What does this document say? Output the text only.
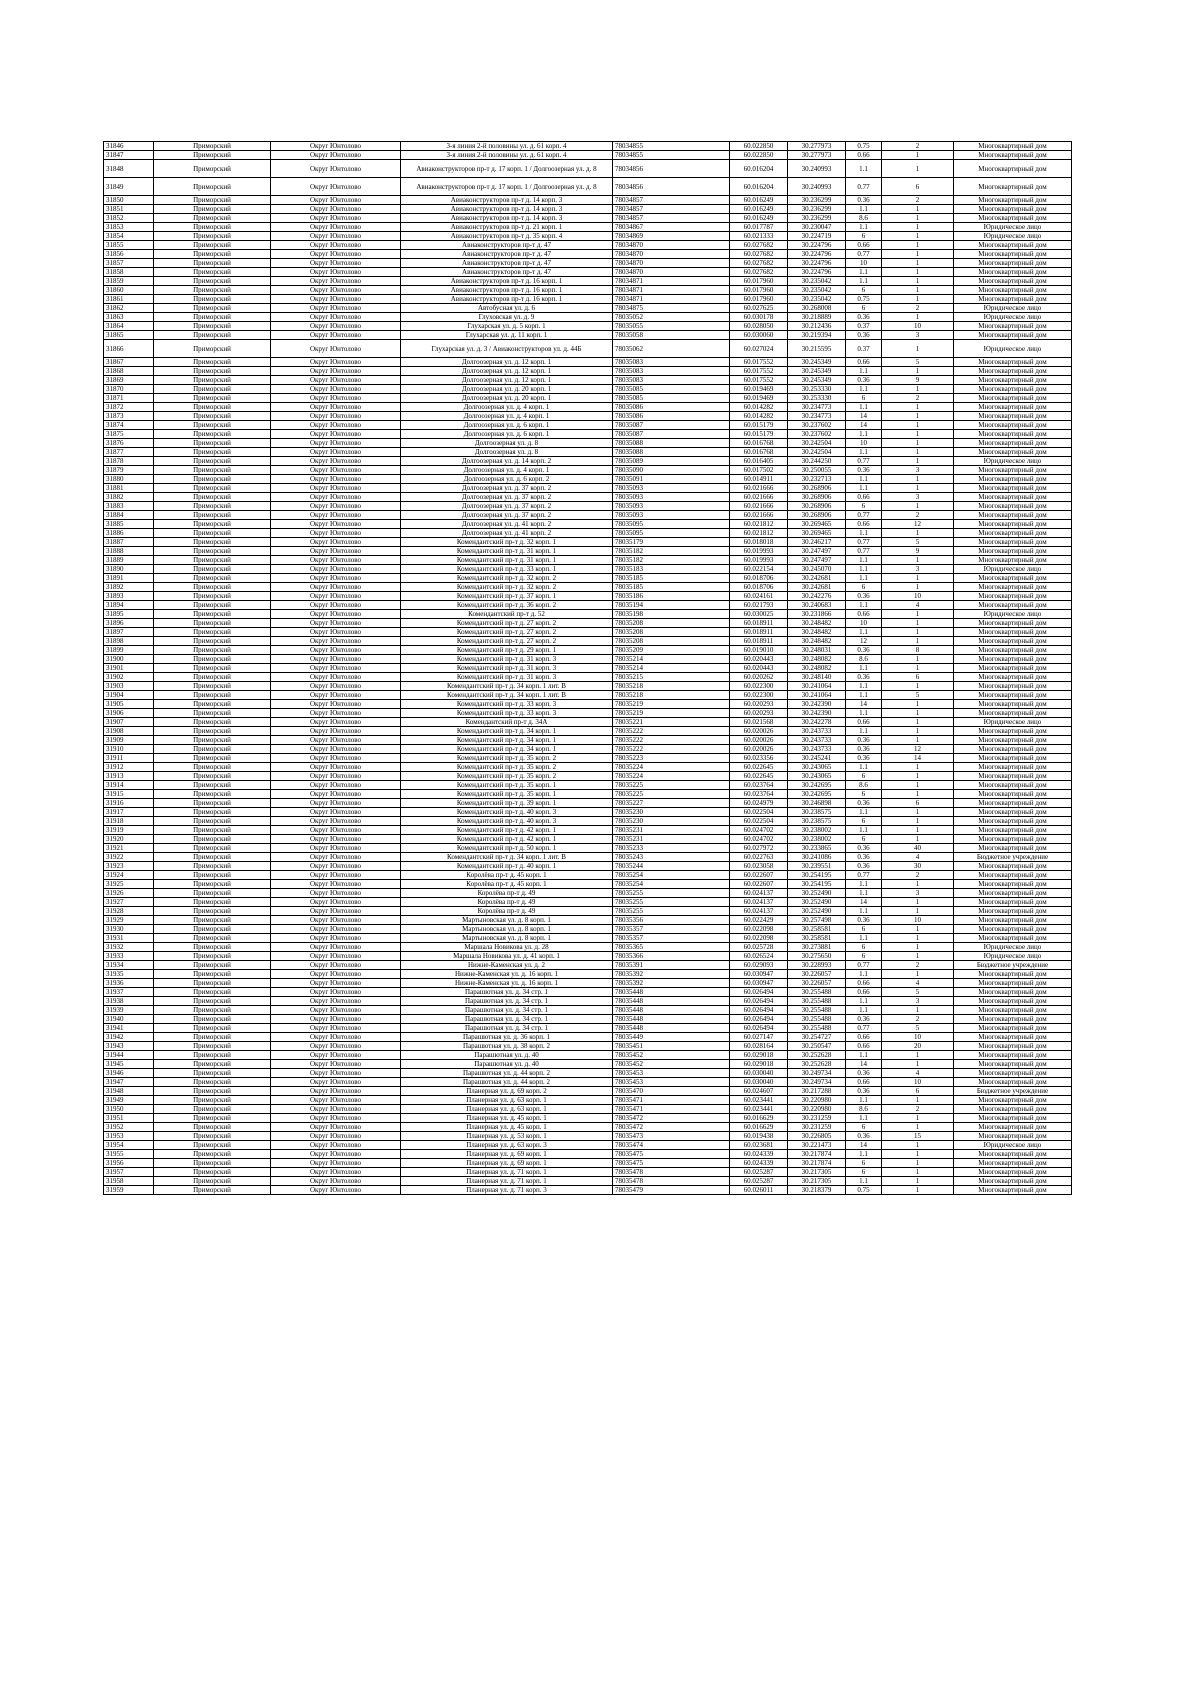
31846	Приморский	Округ Юнтолово	3-я линия 2-й половины ул. д. 61 корп. 4	78034855	60.022850	30.277973	0.75	2	Многоквартирный дом
31847	Приморский	Округ Юнтолово	3-я линия 2-й половины ул. д. 61 корп. 4	78034855	60.022850	30.277973	0.66	1	Многоквартирный дом
31848	Приморский	Округ Юнтолово	Авиаконструкторов пр-т д. 17 корп. 1 / Долгоозерная ул. д. 8	78034856	60.016204	30.240993	1.1	1	Многоквартирный дом
31849	Приморский	Округ Юнтолово	Авиаконструкторов пр-т д. 17 корп. 1 / Долгоозерная ул. д. 8	78034856	60.016204	30.240993	0.77	6	Многоквартирный дом
31850	Приморский	Округ Юнтолово	Авиаконструкторов пр-т д. 14 корп. 3	78034857	60.016249	30.236299	0.36	2	Многоквартирный дом
31851	Приморский	Округ Юнтолово	Авиаконструкторов пр-т д. 14 корп. 3	78034857	60.016249	30.236299	1.1	1	Многоквартирный дом
31852	Приморский	Округ Юнтолово	Авиаконструкторов пр-т д. 14 корп. 3	78034857	60.016249	30.236299	8.6	1	Многоквартирный дом
31853	Приморский	Округ Юнтолово	Авиаконструкторов пр-т д. 21 корп. 1	78034867	60.017787	30.230047	1.1	1	Юридическое лицо
31854	Приморский	Округ Юнтолово	Авиаконструкторов пр-т д. 35 корп. 4	78034869	60.021333	30.224719	6	1	Юридическое лицо
31855	Приморский	Округ Юнтолово	Авиаконструкторов пр-т д. 47	78034870	60.027682	30.224796	0.66	1	Многоквартирный дом
31856	Приморский	Округ Юнтолово	Авиаконструкторов пр-т д. 47	78034870	60.027682	30.224796	0.77	1	Многоквартирный дом
31857	Приморский	Округ Юнтолово	Авиаконструкторов пр-т д. 47	78034870	60.027682	30.224796	10	1	Многоквартирный дом
31858	Приморский	Округ Юнтолово	Авиаконструкторов пр-т д. 47	78034870	60.027682	30.224796	1.1	1	Многоквартирный дом
31859	Приморский	Округ Юнтолово	Авиаконструкторов пр-т д. 16 корп. 1	78034871	60.017960	30.235042	1.1	1	Многоквартирный дом
31860	Приморский	Округ Юнтолово	Авиаконструкторов пр-т д. 16 корп. 1	78034871	60.017960	30.235042	6	1	Многоквартирный дом
31861	Приморский	Округ Юнтолово	Авиаконструкторов пр-т д. 16 корп. 1	78034871	60.017960	30.235042	0.75	1	Многоквартирный дом
31862	Приморский	Округ Юнтолово	Автобусная ул. д. 6	78034875	60.027625	30.268008	6	2	Юридическое лицо
31863	Приморский	Округ Юнтолово	Глуховская ул. д. 9	78035052	60.030178	30.218889	0.36	1	Юридическое лицо
31864	Приморский	Округ Юнтолово	Глухарская ул. д. 5 корп. 1	78035055	60.028050	30.212436	0.37	10	Многоквартирный дом
31865	Приморский	Округ Юнтолово	Глухарская ул. д. 11 корп. 1	78035058	60.030060	30.219394	0.36	3	Многоквартирный дом
31866	Приморский	Округ Юнтолово	Глухарская ул. д. 3 / Авиаконструкторов ул. д. 44Б	78035062	60.027024	30.215595	0.37	1	Юридическое лицо
31867	Приморский	Округ Юнтолово	Долгоозерная ул. д. 12 корп. 1	78035083	60.017552	30.245349	0.66	5	Многоквартирный дом
31868	Приморский	Округ Юнтолово	Долгоозерная ул. д. 12 корп. 1	78035083	60.017552	30.245349	1.1	1	Многоквартирный дом
31869	Приморский	Округ Юнтолово	Долгоозерная ул. д. 12 корп. 1	78035083	60.017552	30.245349	0.36	9	Многоквартирный дом
31870	Приморский	Округ Юнтолово	Долгоозерная ул. д. 20 корп. 1	78035085	60.019469	30.253330	1.1	1	Многоквартирный дом
31871	Приморский	Округ Юнтолово	Долгоозерная ул. д. 20 корп. 1	78035085	60.019469	30.253330	6	2	Многоквартирный дом
31872	Приморский	Округ Юнтолово	Долгоозерная ул. д. 4 корп. 1	78035086	60.014282	30.234773	1.1	1	Многоквартирный дом
31873	Приморский	Округ Юнтолово	Долгоозерная ул. д. 4 корп. 1	78035086	60.014282	30.234773	14	1	Многоквартирный дом
31874	Приморский	Округ Юнтолово	Долгоозерная ул. д. 6 корп. 1	78035087	60.015179	30.237602	14	1	Многоквартирный дом
31875	Приморский	Округ Юнтолово	Долгоозерная ул. д. 6 корп. 1	78035087	60.015179	30.237602	1.1	1	Многоквартирный дом
31876	Приморский	Округ Юнтолово	Долгоозерная ул. д. 8	78035088	60.016768	30.242504	10	1	Многоквартирный дом
31877	Приморский	Округ Юнтолово	Долгоозерная ул. д. 8	78035088	60.016768	30.242504	1.1	1	Многоквартирный дом
31878	Приморский	Округ Юнтолово	Долгоозерная ул. д. 14 корп. 2	78035089	60.016405	30.244250	0.77	1	Юридическое лицо
31879	Приморский	Округ Юнтолово	Долгоозерная ул. д. 4 корп. 1	78035090	60.017502	30.250055	0.36	3	Многоквартирный дом
31880	Приморский	Округ Юнтолово	Долгоозерная ул. д. 6 корп. 2	78035091	60.014911	30.232713	1.1	1	Многоквартирный дом
31881	Приморский	Округ Юнтолово	Долгоозерная ул. д. 37 корп. 2	78035093	60.021666	30.268906	1.1	1	Многоквартирный дом
31882	Приморский	Округ Юнтолово	Долгоозерная ул. д. 37 корп. 2	78035093	60.021666	30.268906	0.66	3	Многоквартирный дом
31883	Приморский	Округ Юнтолово	Долгоозерная ул. д. 37 корп. 2	78035093	60.021666	30.268906	6	1	Многоквартирный дом
31884	Приморский	Округ Юнтолово	Долгоозерная ул. д. 37 корп. 2	78035093	60.021666	30.268906	0.77	2	Многоквартирный дом
31885	Приморский	Округ Юнтолово	Долгоозерная ул. д. 41 корп. 2	78035095	60.021812	30.269465	0.66	12	Многоквартирный дом
31886	Приморский	Округ Юнтолово	Долгоозерная ул. д. 41 корп. 2	78035095	60.021812	30.269465	1.1	1	Многоквартирный дом
31887	Приморский	Округ Юнтолово	Комендантский пр-т д. 32 корп. 1	78035179	60.018018	30.246217	0.77	5	Многоквартирный дом
31888	Приморский	Округ Юнтолово	Комендантский пр-т д. 31 корп. 1	78035182	60.019993	30.247497	0.77	9	Многоквартирный дом
31889	Приморский	Округ Юнтолово	Комендантский пр-т д. 31 корп. 1	78035182	60.019993	30.247497	1.1	1	Многоквартирный дом
31890	Приморский	Округ Юнтолово	Комендантский пр-т д. 33 корп. 1	78035183	60.022154	30.245070	1.1	3	Юридическое лицо
31891	Приморский	Округ Юнтолово	Комендантский пр-т д. 32 корп. 2	78035185	60.018706	30.242681	1.1	1	Многоквартирный дом
31892	Приморский	Округ Юнтолово	Комендантский пр-т д. 32 корп. 2	78035185	60.018706	30.242681	6	1	Многоквартирный дом
31893	Приморский	Округ Юнтолово	Комендантский пр-т д. 37 корп. 1	78035186	60.024161	30.242276	0.36	10	Многоквартирный дом
31894	Приморский	Округ Юнтолово	Комендантский пр-т д. 36 корп. 2	78035194	60.021793	30.240683	1.1	4	Многоквартирный дом
31895	Приморский	Округ Юнтолово	Комендантский пр-т д. 52	78035198	60.030025	30.231866	0.66	1	Юридическое лицо
31896	Приморский	Округ Юнтолово	Комендантский пр-т д. 27 корп. 2	78035208	60.018911	30.248482	10	1	Многоквартирный дом
31897	Приморский	Округ Юнтолово	Комендантский пр-т д. 27 корп. 2	78035208	60.018911	30.248482	1.1	1	Многоквартирный дом
31898	Приморский	Округ Юнтолово	Комендантский пр-т д. 27 корп. 2	78035208	60.018911	30.248482	12	1	Многоквартирный дом
31899	Приморский	Округ Юнтолово	Комендантский пр-т д. 29 корп. 1	78035209	60.019010	30.248031	0.36	8	Многоквартирный дом
31900	Приморский	Округ Юнтолово	Комендантский пр-т д. 31 корп. 3	78035214	60.020443	30.248082	8.6	1	Многоквартирный дом
31901	Приморский	Округ Юнтолово	Комендантский пр-т д. 31 корп. 3	78035214	60.020443	30.248082	1.1	1	Многоквартирный дом
31902	Приморский	Округ Юнтолово	Комендантский пр-т д. 31 корп. 3	78035215	60.020262	30.248140	0.36	6	Многоквартирный дом
31903	Приморский	Округ Юнтолово	Комендантский пр-т д. 34 корп. 1 лит. В	78035218	60.022300	30.241064	1.1	1	Многоквартирный дом
31904	Приморский	Округ Юнтолово	Комендантский пр-т д. 34 корп. 1 лит. В	78035218	60.022300	30.241064	1.1	5	Многоквартирный дом
31905	Приморский	Округ Юнтолово	Комендантский пр-т д. 33 корп. 3	78035219	60.020293	30.242390	14	1	Многоквартирный дом
31906	Приморский	Округ Юнтолово	Комендантский пр-т д. 33 корп. 3	78035219	60.020293	30.242390	1.1	1	Многоквартирный дом
31907	Приморский	Округ Юнтолово	Комендантский пр-т д. 34А	78035221	60.021568	30.242278	0.66	1	Юридическое лицо
31908	Приморский	Округ Юнтолово	Комендантский пр-т д. 34 корп. 1	78035222	60.020026	30.243733	1.1	1	Многоквартирный дом
31909	Приморский	Округ Юнтолово	Комендантский пр-т д. 34 корп. 1	78035222	60.020026	30.243733	0.36	1	Многоквартирный дом
31910	Приморский	Округ Юнтолово	Комендантский пр-т д. 34 корп. 1	78035222	60.020026	30.243733	0.36	12	Многоквартирный дом
31911	Приморский	Округ Юнтолово	Комендантский пр-т д. 35 корп. 2	78035223	60.023356	30.245241	0.36	14	Многоквартирный дом
31912	Приморский	Округ Юнтолово	Комендантский пр-т д. 35 корп. 2	78035224	60.022645	30.243065	1.1	1	Многоквартирный дом
31913	Приморский	Округ Юнтолово	Комендантский пр-т д. 35 корп. 2	78035224	60.022645	30.243065	6	1	Многоквартирный дом
31914	Приморский	Округ Юнтолово	Комендантский пр-т д. 35 корп. 1	78035225	60.023764	30.242695	8.6	1	Многоквартирный дом
31915	Приморский	Округ Юнтолово	Комендантский пр-т д. 35 корп. 1	78035225	60.023764	30.242695	6	1	Многоквартирный дом
31916	Приморский	Округ Юнтолово	Комендантский пр-т д. 39 корп. 1	78035227	60.024979	30.246898	0.36	6	Многоквартирный дом
31917	Приморский	Округ Юнтолово	Комендантский пр-т д. 40 корп. 3	78035230	60.022504	30.238575	1.1	1	Многоквартирный дом
31918	Приморский	Округ Юнтолово	Комендантский пр-т д. 40 корп. 3	78035230	60.022504	30.238575	6	1	Многоквартирный дом
31919	Приморский	Округ Юнтолово	Комендантский пр-т д. 42 корп. 1	78035231	60.024702	30.238002	1.1	1	Многоквартирный дом
31920	Приморский	Округ Юнтолово	Комендантский пр-т д. 42 корп. 1	78035231	60.024702	30.238002	6	1	Многоквартирный дом
31921	Приморский	Округ Юнтолово	Комендантский пр-т д. 50 корп. 1	78035233	60.027972	30.233865	0.36	40	Многоквартирный дом
31922	Приморский	Округ Юнтолово	Комендантский пр-т д. 34 корп. 1 лит. В	78035243	60.022763	30.241086	0.36	4	Бюджетное учреждение
31923	Приморский	Округ Юнтолово	Комендантский пр-т д. 40 корп. 1	78035244	60.023058	30.239551	0.36	30	Многоквартирный дом
31924	Приморский	Округ Юнтолово	Королёва пр-т д. 45 корп. 1	78035254	60.022607	30.254195	0.77	2	Многоквартирный дом
31925	Приморский	Округ Юнтолово	Королёва пр-т д. 45 корп. 1	78035254	60.022607	30.254195	1.1	1	Многоквартирный дом
31926	Приморский	Округ Юнтолово	Королёва пр-т д. 49	78035255	60.024137	30.252490	1.1	3	Многоквартирный дом
31927	Приморский	Округ Юнтолово	Королёва пр-т д. 49	78035255	60.024137	30.252490	14	1	Многоквартирный дом
31928	Приморский	Округ Юнтолово	Королёва пр-т д. 49	78035255	60.024137	30.252490	1.1	1	Многоквартирный дом
31929	Приморский	Округ Юнтолово	Мартыновская ул. д. 8 корп. 1	78035356	60.022429	30.257498	0.36	10	Многоквартирный дом
31930	Приморский	Округ Юнтолово	Мартыновская ул. д. 8 корп. 1	78035357	60.022098	30.258581	6	1	Многоквартирный дом
31931	Приморский	Округ Юнтолово	Мартыновская ул. д. 8 корп. 1	78035357	60.022098	30.258581	1.1	1	Многоквартирный дом
31932	Приморский	Округ Юнтолово	Маршала Новикова ул. д. 28	78035365	60.025728	30.273881	6	1	Юридическое лицо
31933	Приморский	Округ Юнтолово	Маршала Новикова ул. д. 41 корп. 1	78035366	60.026524	30.275650	6	1	Юридическое лицо
31934	Приморский	Округ Юнтолово	Нижне-Каменская ул. д. 2	78035391	60.029093	30.228993	0.77	2	Бюджетное учреждение
31935	Приморский	Округ Юнтолово	Нижне-Каменская ул. д. 16 корп. 1	78035392	60.030947	30.226057	1.1	1	Многоквартирный дом
31936	Приморский	Округ Юнтолово	Нижне-Каменская ул. д. 16 корп. 1	78035392	60.030947	30.226057	0.66	4	Многоквартирный дом
31937	Приморский	Округ Юнтолово	Парашютная ул. д. 34 стр. 1	78035448	60.026494	30.255488	0.66	5	Многоквартирный дом
31938	Приморский	Округ Юнтолово	Парашютная ул. д. 34 стр. 1	78035448	60.026494	30.255488	1.1	3	Многоквартирный дом
31939	Приморский	Округ Юнтолово	Парашютная ул. д. 34 стр. 1	78035448	60.026494	30.255488	1.1	1	Многоквартирный дом
31940	Приморский	Округ Юнтолово	Парашютная ул. д. 34 стр. 1	78035448	60.026494	30.255488	0.36	2	Многоквартирный дом
31941	Приморский	Округ Юнтолово	Парашютная ул. д. 34 стр. 1	78035448	60.026494	30.255488	0.77	5	Многоквартирный дом
31942	Приморский	Округ Юнтолово	Парашютная ул. д. 36 корп. 1	78035449	60.027147	30.254727	0.66	10	Многоквартирный дом
31943	Приморский	Округ Юнтолово	Парашютная ул. д. 38 корп. 2	78035451	60.028164	30.250547	0.66	20	Многоквартирный дом
31944	Приморский	Округ Юнтолово	Парашютная ул. д. 40	78035452	60.029018	30.252628	1.1	1	Многоквартирный дом
31945	Приморский	Округ Юнтолово	Парашютная ул. д. 40	78035452	60.029018	30.252628	14	1	Многоквартирный дом
31946	Приморский	Округ Юнтолово	Парашютная ул. д. 44 корп. 2	78035453	60.030040	30.249734	0.36	4	Многоквартирный дом
31947	Приморский	Округ Юнтолово	Парашютная ул. д. 44 корп. 2	78035453	60.030040	30.249734	0.66	10	Многоквартирный дом
31948	Приморский	Округ Юнтолово	Планерная ул. д. 69 корп. 2	78035470	60.024607	30.217288	0.36	6	Бюджетное учреждение
31949	Приморский	Округ Юнтолово	Планерная ул. д. 63 корп. 1	78035471	60.023441	30.220980	1.1	1	Многоквартирный дом
31950	Приморский	Округ Юнтолово	Планерная ул. д. 63 корп. 1	78035471	60.023441	30.220980	8.6	2	Многоквартирный дом
31951	Приморский	Округ Юнтолово	Планерная ул. д. 45 корп. 1	78035472	60.016629	30.231259	1.1	1	Многоквартирный дом
31952	Приморский	Округ Юнтолово	Планерная ул. д. 45 корп. 1	78035472	60.016629	30.231259	6	1	Многоквартирный дом
31953	Приморский	Округ Юнтолово	Планерная ул. д. 53 корп. 1	78035473	60.019438	30.226805	0.36	15	Многоквартирный дом
31954	Приморский	Округ Юнтолово	Планерная ул. д. 63 корп. 3	78035474	60.023681	30.221473	14	1	Юридическое лицо
31955	Приморский	Округ Юнтолово	Планерная ул. д. 69 корп. 1	78035475	60.024339	30.217874	1.1	1	Многоквартирный дом
31956	Приморский	Округ Юнтолово	Планерная ул. д. 69 корп. 1	78035475	60.024339	30.217874	6	1	Многоквартирный дом
31957	Приморский	Округ Юнтолово	Планерная ул. д. 71 корп. 1	78035478	60.025287	30.217305	6	1	Многоквартирный дом
31958	Приморский	Округ Юнтолово	Планерная ул. д. 71 корп. 1	78035478	60.025287	30.217305	1.1	1	Многоквартирный дом
31959	Приморский	Округ Юнтолово	Планерная ул. д. 71 корп. 3	78035479	60.026011	30.218379	0.75	1	Многоквартирный дом
